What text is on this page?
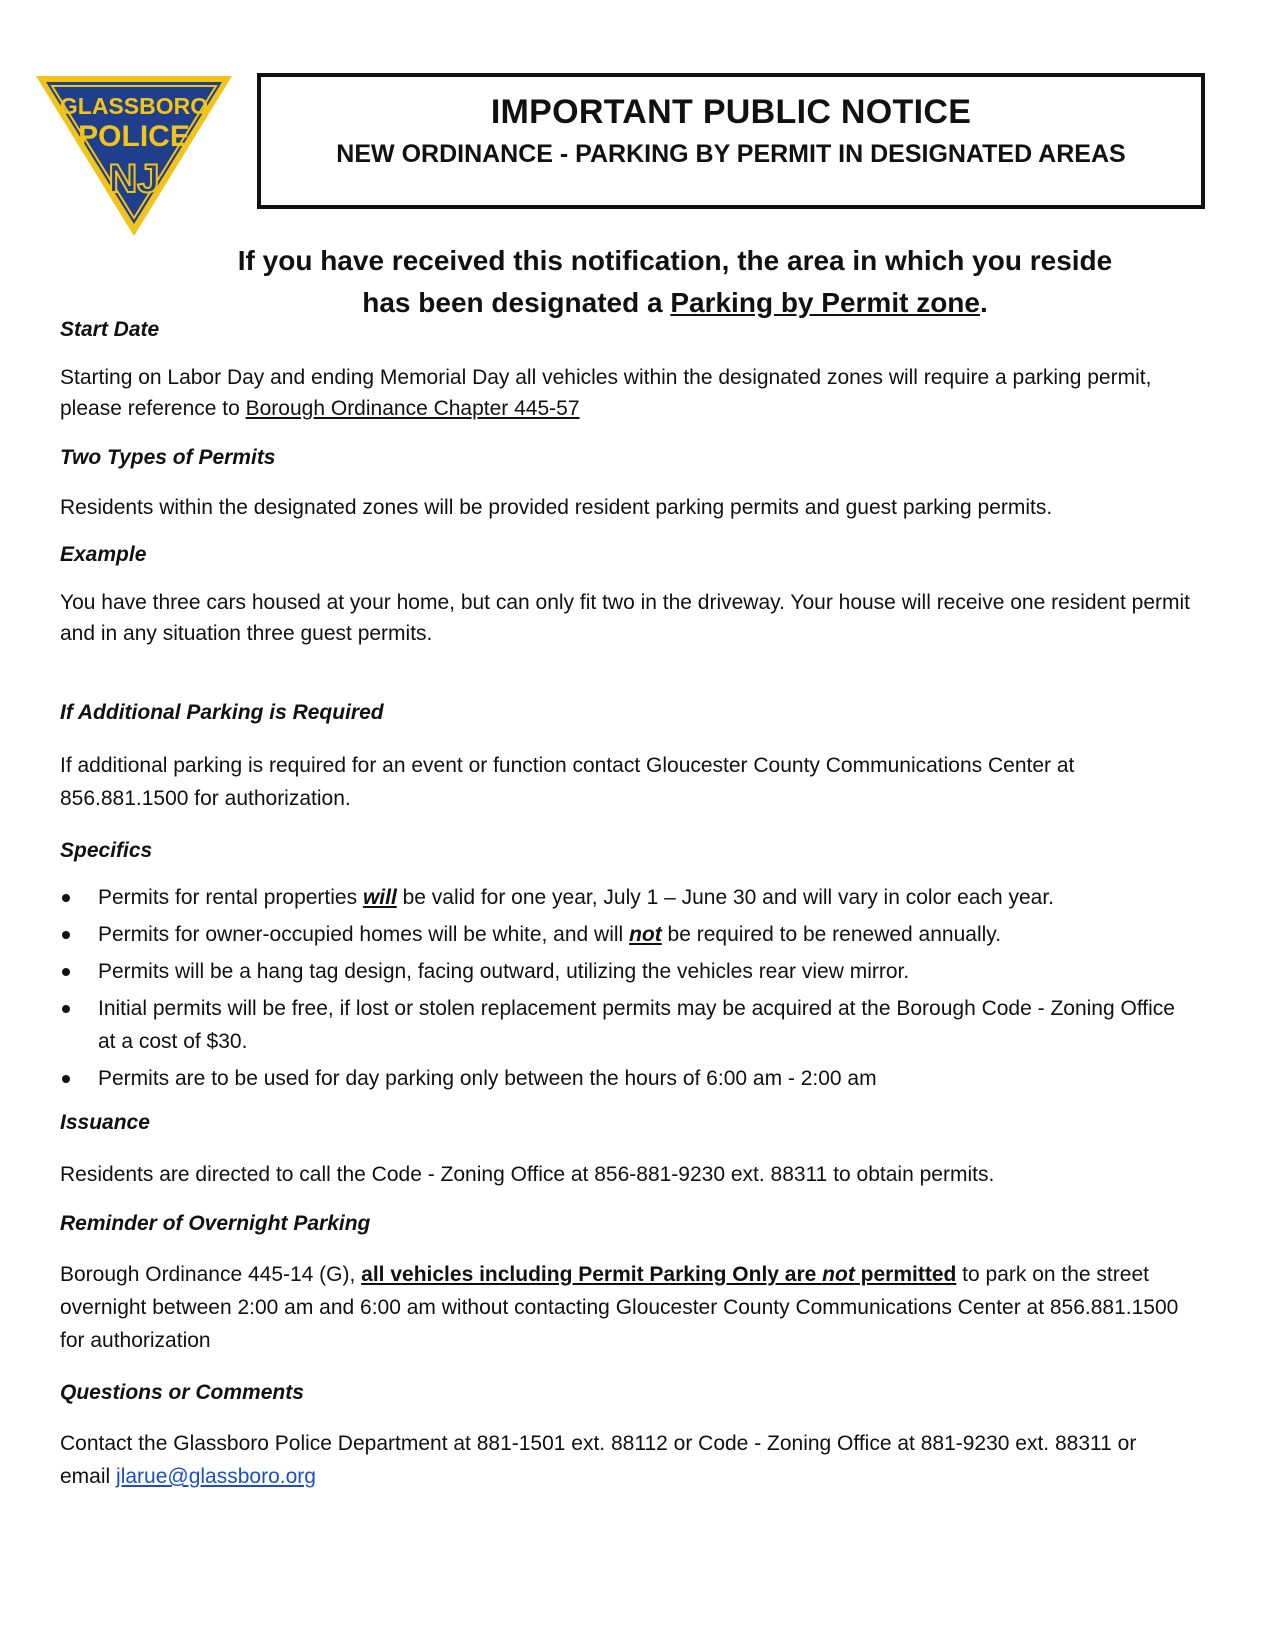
GLASSBORO
POLICE
NJ
IMPORTANT PUBLIC NOTICE
NEW ORDINANCE - PARKING BY PERMIT IN DESIGNATED AREAS
If you have received this notification, the area in which you reside
has been designated a Parking by Permit zone.

Start Date

Starting on Labor Day and ending Memorial Day all vehicles within the designated zones will require a parking permit, please reference to Borough Ordinance Chapter 445-57

Two Types of Permits

Residents within the designated zones will be provided resident parking permits and guest parking permits.

Example

You have three cars housed at your home, but can only fit two in the driveway. Your house will receive one resident permit and in any situation three guest permits.

If Additional Parking is Required

If additional parking is required for an event or function contact Gloucester County Communications Center at 856.881.1500 for authorization.

Specifics

Permits for rental properties will be valid for one year, July 1 – June 30 and will vary in color each year.
Permits for owner-occupied homes will be white, and will not be required to be renewed annually.
Permits will be a hang tag design, facing outward, utilizing the vehicles rear view mirror.
Initial permits will be free, if lost or stolen replacement permits may be acquired at the Borough Code - Zoning Office at a cost of $30.
Permits are to be used for day parking only between the hours of 6:00 am - 2:00 am

Issuance

Residents are directed to call the Code - Zoning Office at 856-881-9230 ext. 88311 to obtain permits.

Reminder of Overnight Parking

Borough Ordinance 445-14 (G), all vehicles including Permit Parking Only are not permitted to park on the street overnight between 2:00 am and 6:00 am without contacting Gloucester County Communications Center at 856.881.1500 for authorization

Questions or Comments

Contact the Glassboro Police Department at 881-1501 ext. 88112 or Code - Zoning Office at 881-9230 ext. 88311 or email jlarue@glassboro.org
